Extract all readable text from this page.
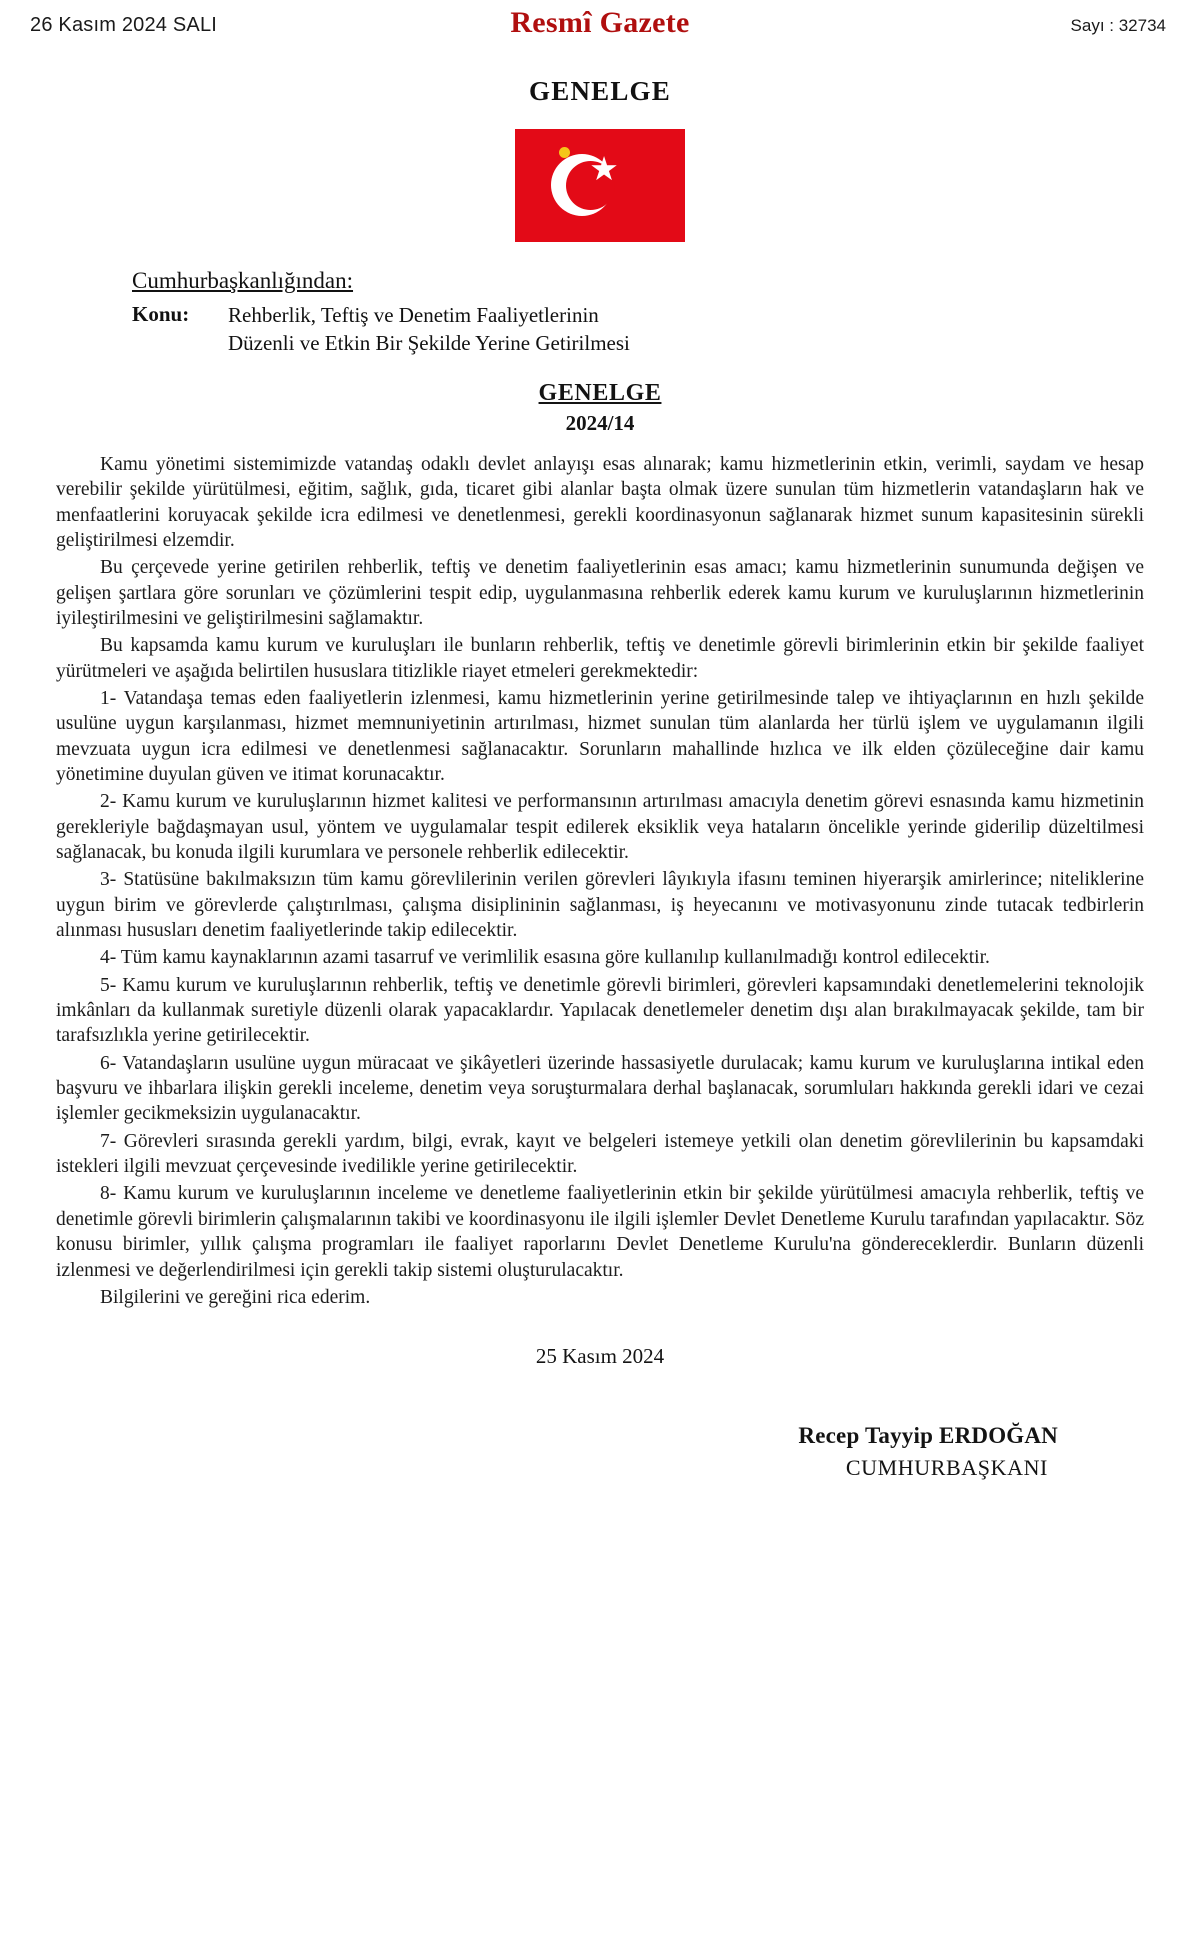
26 Kasım 2024 SALI	Resmî Gazete	Sayı : 32734
GENELGE
Cumhurbaşkanlığından:
Konu:	Rehberlik, Teftiş ve Denetim Faaliyetlerinin
Düzenli ve Etkin Bir Şekilde Yerine Getirilmesi
GENELGE
2024/14

Kamu yönetimi sistemimizde vatandaş odaklı devlet anlayışı esas alınarak; kamu hizmetlerinin etkin, verimli, saydam ve hesap verebilir şekilde yürütülmesi, eğitim, sağlık, gıda, ticaret gibi alanlar başta olmak üzere sunulan tüm hizmetlerin vatandaşların hak ve menfaatlerini koruyacak şekilde icra edilmesi ve denetlenmesi, gerekli koordinasyonun sağlanarak hizmet sunum kapasitesinin sürekli geliştirilmesi elzemdir.

Bu çerçevede yerine getirilen rehberlik, teftiş ve denetim faaliyetlerinin esas amacı; kamu hizmetlerinin sunumunda değişen ve gelişen şartlara göre sorunları ve çözümlerini tespit edip, uygulanmasına rehberlik ederek kamu kurum ve kuruluşlarının hizmetlerinin iyileştirilmesini ve geliştirilmesini sağlamaktır.

Bu kapsamda kamu kurum ve kuruluşları ile bunların rehberlik, teftiş ve denetimle görevli birimlerinin etkin bir şekilde faaliyet yürütmeleri ve aşağıda belirtilen hususlara titizlikle riayet etmeleri gerekmektedir:

1- Vatandaşa temas eden faaliyetlerin izlenmesi, kamu hizmetlerinin yerine getirilmesinde talep ve ihtiyaçlarının en hızlı şekilde usulüne uygun karşılanması, hizmet memnuniyetinin artırılması, hizmet sunulan tüm alanlarda her türlü işlem ve uygulamanın ilgili mevzuata uygun icra edilmesi ve denetlenmesi sağlanacaktır. Sorunların mahallinde hızlıca ve ilk elden çözüleceğine dair kamu yönetimine duyulan güven ve itimat korunacaktır.

2- Kamu kurum ve kuruluşlarının hizmet kalitesi ve performansının artırılması amacıyla denetim görevi esnasında kamu hizmetinin gerekleriyle bağdaşmayan usul, yöntem ve uygulamalar tespit edilerek eksiklik veya hataların öncelikle yerinde giderilip düzeltilmesi sağlanacak, bu konuda ilgili kurumlara ve personele rehberlik edilecektir.

3- Statüsüne bakılmaksızın tüm kamu görevlilerinin verilen görevleri lâyıkıyla ifasını teminen hiyerarşik amirlerince; niteliklerine uygun birim ve görevlerde çalıştırılması, çalışma disiplininin sağlanması, iş heyecanını ve motivasyonunu zinde tutacak tedbirlerin alınması hususları denetim faaliyetlerinde takip edilecektir.

4- Tüm kamu kaynaklarının azami tasarruf ve verimlilik esasına göre kullanılıp kullanılmadığı kontrol edilecektir.

5- Kamu kurum ve kuruluşlarının rehberlik, teftiş ve denetimle görevli birimleri, görevleri kapsamındaki denetlemelerini teknolojik imkânları da kullanmak suretiyle düzenli olarak yapacaklardır. Yapılacak denetlemeler denetim dışı alan bırakılmayacak şekilde, tam bir tarafsızlıkla yerine getirilecektir.

6- Vatandaşların usulüne uygun müracaat ve şikâyetleri üzerinde hassasiyetle durulacak; kamu kurum ve kuruluşlarına intikal eden başvuru ve ihbarlara ilişkin gerekli inceleme, denetim veya soruşturmalara derhal başlanacak, sorumluları hakkında gerekli idari ve cezai işlemler gecikmeksizin uygulanacaktır.

7- Görevleri sırasında gerekli yardım, bilgi, evrak, kayıt ve belgeleri istemeye yetkili olan denetim görevlilerinin bu kapsamdaki istekleri ilgili mevzuat çerçevesinde ivedilikle yerine getirilecektir.

8- Kamu kurum ve kuruluşlarının inceleme ve denetleme faaliyetlerinin etkin bir şekilde yürütülmesi amacıyla rehberlik, teftiş ve denetimle görevli birimlerin çalışmalarının takibi ve koordinasyonu ile ilgili işlemler Devlet Denetleme Kurulu tarafından yapılacaktır. Söz konusu birimler, yıllık çalışma programları ile faaliyet raporlarını Devlet Denetleme Kurulu'na göndereceklerdir. Bunların düzenli izlenmesi ve değerlendirilmesi için gerekli takip sistemi oluşturulacaktır.

Bilgilerini ve gereğini rica ederim.

25 Kasım 2024
Recep Tayyip ERDOĞAN
CUMHURBAŞKANI
